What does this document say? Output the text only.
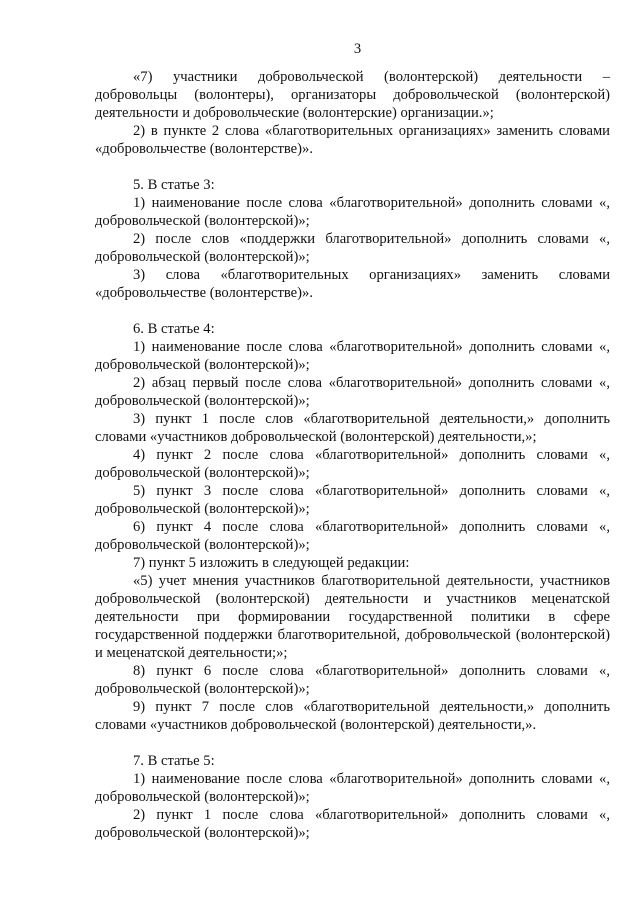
3

«7) участники добровольческой (волонтерской) деятельности – добровольцы (волонтеры), организаторы добровольческой (волонтерской) деятельности и добровольческие (волонтерские) организации.»;

2) в пункте 2 слова «благотворительных организациях» заменить словами «добровольчестве (волонтерстве)».

5. В статье 3:

1) наименование после слова «благотворительной» дополнить словами «, добровольческой (волонтерской)»;

2) после слов «поддержки благотворительной» дополнить словами «, добровольческой (волонтерской)»;

3) слова «благотворительных организациях» заменить словами «добровольчестве (волонтерстве)».

6. В статье 4:

1) наименование после слова «благотворительной» дополнить словами «, добровольческой (волонтерской)»;

2) абзац первый после слова «благотворительной» дополнить словами «, добровольческой (волонтерской)»;

3) пункт 1 после слов «благотворительной деятельности,» дополнить словами «участников добровольческой (волонтерской) деятельности,»;

4) пункт 2 после слова «благотворительной» дополнить словами «, добровольческой (волонтерской)»;

5) пункт 3 после слова «благотворительной» дополнить словами «, добровольческой (волонтерской)»;

6) пункт 4 после слова «благотворительной» дополнить словами «, добровольческой (волонтерской)»;

7) пункт 5 изложить в следующей редакции:

«5) учет мнения участников благотворительной деятельности, участников добровольческой (волонтерской) деятельности и участников меценатской деятельности при формировании государственной политики в сфере государственной поддержки благотворительной, добровольческой (волонтерской) и меценатской деятельности;»;

8) пункт 6 после слова «благотворительной» дополнить словами «, добровольческой (волонтерской)»;

9) пункт 7 после слов «благотворительной деятельности,» дополнить словами «участников добровольческой (волонтерской) деятельности,».

7. В статье 5:

1) наименование после слова «благотворительной» дополнить словами «, добровольческой (волонтерской)»;

2) пункт 1 после слова «благотворительной» дополнить словами «, добровольческой (волонтерской)»;
